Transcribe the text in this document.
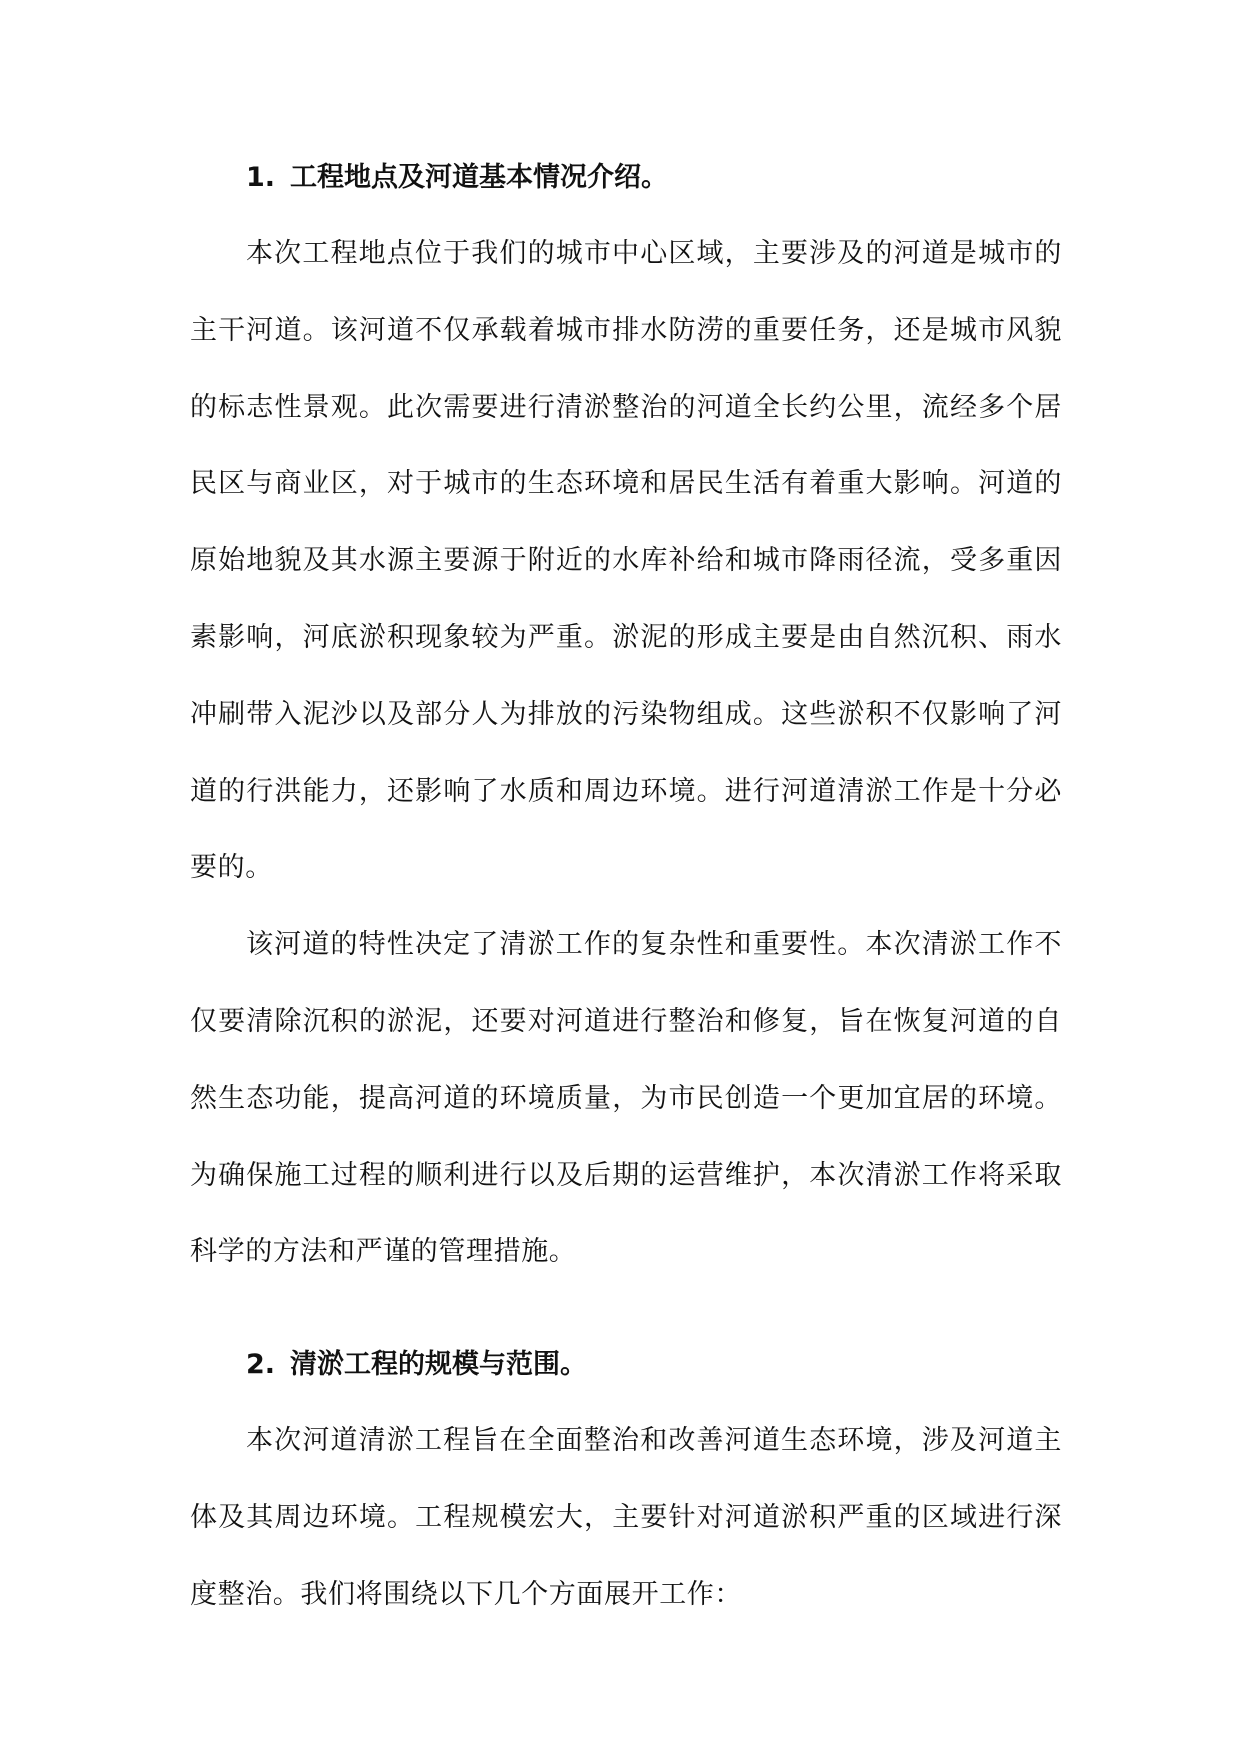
1. 工程地点及河道基本情况介绍。

本次工程地点位于我们的城市中心区域，主要涉及的河道是城市的主干河道。该河道不仅承载着城市排水防涝的重要任务，还是城市风貌的标志性景观。此次需要进行清淤整治的河道全长约公里，流经多个居民区与商业区，对于城市的生态环境和居民生活有着重大影响。河道的原始地貌及其水源主要源于附近的水库补给和城市降雨径流，受多重因素影响，河底淤积现象较为严重。淤泥的形成主要是由自然沉积、雨水冲刷带入泥沙以及部分人为排放的污染物组成。这些淤积不仅影响了河道的行洪能力，还影响了水质和周边环境。进行河道清淤工作是十分必要的。

该河道的特性决定了清淤工作的复杂性和重要性。本次清淤工作不仅要清除沉积的淤泥，还要对河道进行整治和修复，旨在恢复河道的自然生态功能，提高河道的环境质量，为市民创造一个更加宜居的环境。为确保施工过程的顺利进行以及后期的运营维护，本次清淤工作将采取科学的方法和严谨的管理措施。

2. 清淤工程的规模与范围。

本次河道清淤工程旨在全面整治和改善河道生态环境，涉及河道主体及其周边环境。工程规模宏大，主要针对河道淤积严重的区域进行深度整治。我们将围绕以下几个方面展开工作：
